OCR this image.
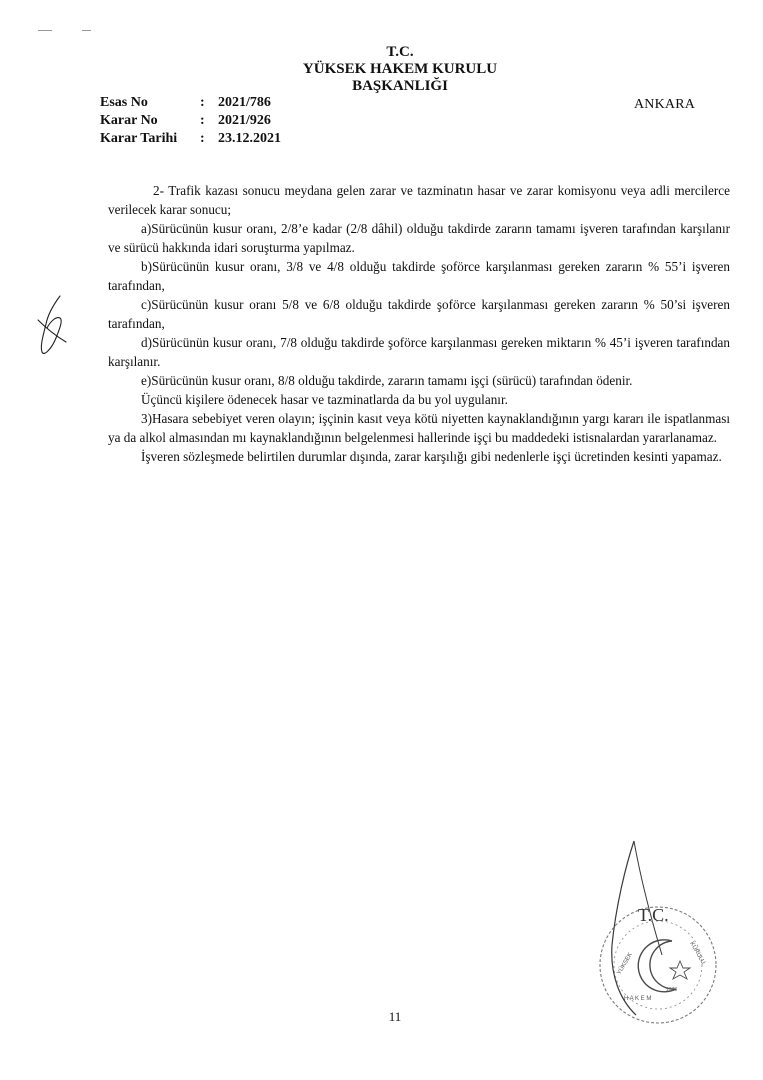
T.C.
YÜKSEK HAKEM KURULU
BAŞKANLIĞI
Esas No	: 2021/786
Karar No	: 2021/926
Karar Tarihi	: 23.12.2021
ANKARA

2- Trafik kazası sonucu meydana gelen zarar ve tazminatın hasar ve zarar komisyonu veya adli mercilerce verilecek karar sonucu;

a)Sürücünün kusur oranı, 2/8’e kadar (2/8 dâhil) olduğu takdirde zararın tamamı işveren tarafından karşılanır ve sürücü hakkında idari soruşturma yapılmaz.

b)Sürücünün kusur oranı, 3/8 ve 4/8 olduğu takdirde şoförce karşılanması gereken zararın % 55’i işveren tarafından,

c)Sürücünün kusur oranı 5/8 ve 6/8 olduğu takdirde şoförce karşılanması gereken zararın % 50’si işveren tarafından,

d)Sürücünün kusur oranı, 7/8 olduğu takdirde şoförce karşılanması gereken miktarın % 45’i işveren tarafından karşılanır.

e)Sürücünün kusur oranı, 8/8 olduğu takdirde, zararın tamamı işçi (sürücü) tarafından ödenir.

Üçüncü kişilere ödenecek hasar ve tazminatlarda da bu yol uygulanır.

3)Hasara sebebiyet veren olayın; işçinin kasıt veya kötü niyetten kaynaklandığının yargı kararı ile ispatlanması ya da alkol almasından mı kaynaklandığının belgelenmesi hallerinde işçi bu maddedeki istisnalardan yararlanamaz.

İşveren sözleşmede belirtilen durumlar dışında, zarar karşılığı gibi nedenlerle işçi ücretinden kesinti yapamaz.

T.C.
YÜKSEK
H A K E M
KURULU
1973
11
